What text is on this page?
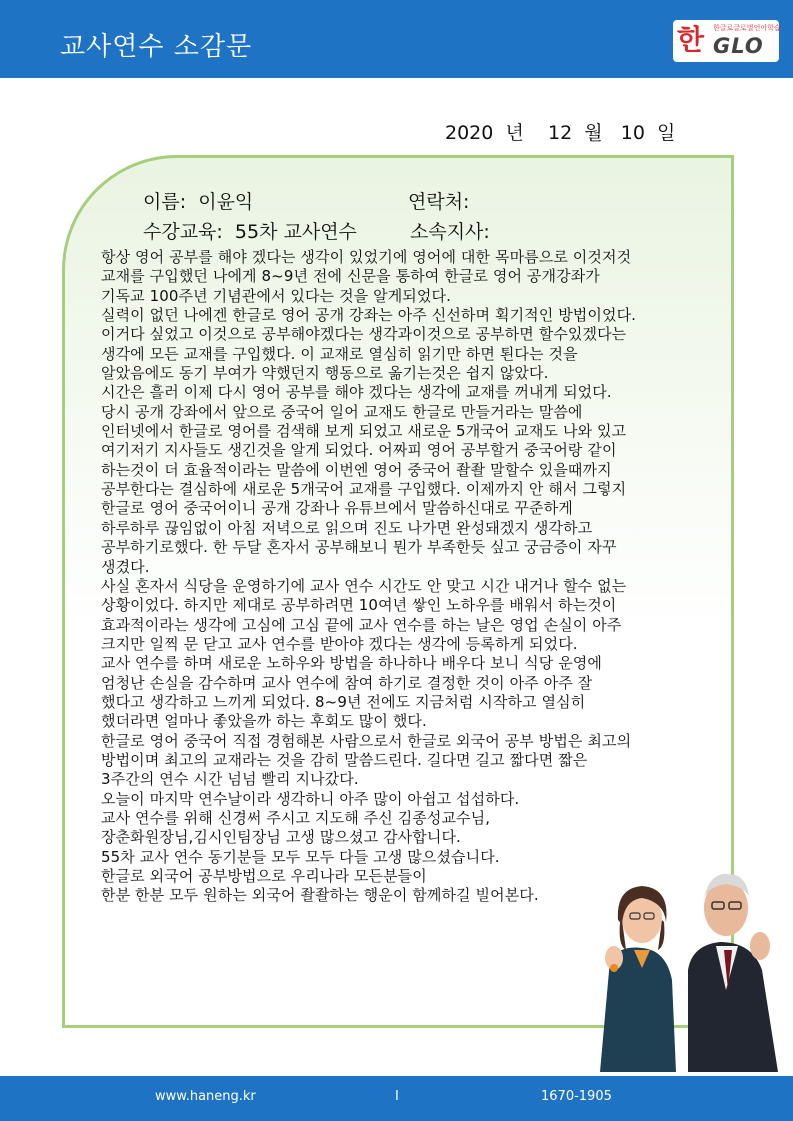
교사연수 소감문	한 한글로글로벌언어학습
GLO
2020 년 12 월 10 일
이름: 이윤익	연락처:
수강교육: 55차 교사연수	소속지사:
항상 영어 공부를 해야 겠다는 생각이 있었기에 영어에 대한 목마름으로 이것저것
교재를 구입했던 나에게 8~9년 전에 신문을 통하여 한글로 영어 공개강좌가
기독교 100주년 기념관에서 있다는 것을 알게되었다.
실력이 없던 나에겐 한글로 영어 공개 강좌는 아주 신선하며 획기적인 방법이었다.
이거다 싶었고 이것으로 공부해야겠다는 생각과이것으로 공부하면 할수있겠다는
생각에 모든 교재를 구입했다. 이 교재로 열심히 읽기만 하면 퇸다는 것을
알았음에도 동기 부여가 약했던지 행동으로 옮기는것은 쉽지 않았다.
시간은 흘러 이제 다시 영어 공부를 해야 겠다는 생각에 교재를 꺼내게 되었다.
당시 공개 강좌에서 앞으로 중국어 일어 교재도 한글로 만들거라는 말씀에
인터넷에서 한글로 영어를 검색해 보게 되었고 새로운 5개국어 교재도 나와 있고
여기저기 지사들도 생긴것을 알게 되었다. 어짜피 영어 공부할거 중국어랑 같이
하는것이 더 효율적이라는 말씀에 이번엔 영어 중국어 좔좔 말할수 있을때까지
공부한다는 결심하에 새로운 5개국어 교재를 구입했다. 이제까지 안 해서 그렇지
한글로 영어 중국어이니 공개 강좌나 유튜브에서 말씀하신대로 꾸준하게
하루하루 끊임없이 아침 저녁으로 읽으며 진도 나가면 완성돼겠지 생각하고
공부하기로했다. 한 두달 혼자서 공부해보니 뭔가 부족한듯 싶고 궁금증이 자꾸
생겼다.
사실 혼자서 식당을 운영하기에 교사 연수 시간도 안 맞고 시간 내거나 할수 없는
상황이었다. 하지만 제대로 공부하려면 10여년 쌓인 노하우를 배워서 하는것이
효과적이라는 생각에 고심에 고심 끝에 교사 연수를 하는 날은 영업 손실이 아주
크지만 일찍 문 닫고 교사 연수를 받아야 겠다는 생각에 등록하게 되었다.
교사 연수를 하며 새로운 노하우와 방법을 하나하나 배우다 보니 식당 운영에
엄청난 손실을 감수하며 교사 연수에 참여 하기로 결정한 것이 아주 아주 잘
했다고 생각하고 느끼게 되었다. 8~9년 전에도 지금처럼 시작하고 열심히
했더라면 얼마나 좋았을까 하는 후회도 많이 했다.
한글로 영어 중국어 직접 경험해본 사람으로서 한글로 외국어 공부 방법은 최고의
방법이며 최고의 교재라는 것을 감히 말씀드린다. 길다면 길고 짧다면 짧은
3주간의 연수 시간 넘넘 빨리 지나갔다.
오늘이 마지막 연수날이라 생각하니 아주 많이 아쉽고 섭섭하다.
교사 연수를 위해 신경써 주시고 지도해 주신 김종성교수님,
장춘화원장님,김시인팀장님 고생 많으셨고 감사합니다.
55차 교사 연수 동기분들 모두 모두 다들 고생 많으셨습니다.
한글로 외국어 공부방법으로 우리나라 모든분들이
한분 한분 모두 원하는 외국어 좔좔하는 행운이 함께하길 빌어본다.
www.haneng.kr	I	1670-1905
